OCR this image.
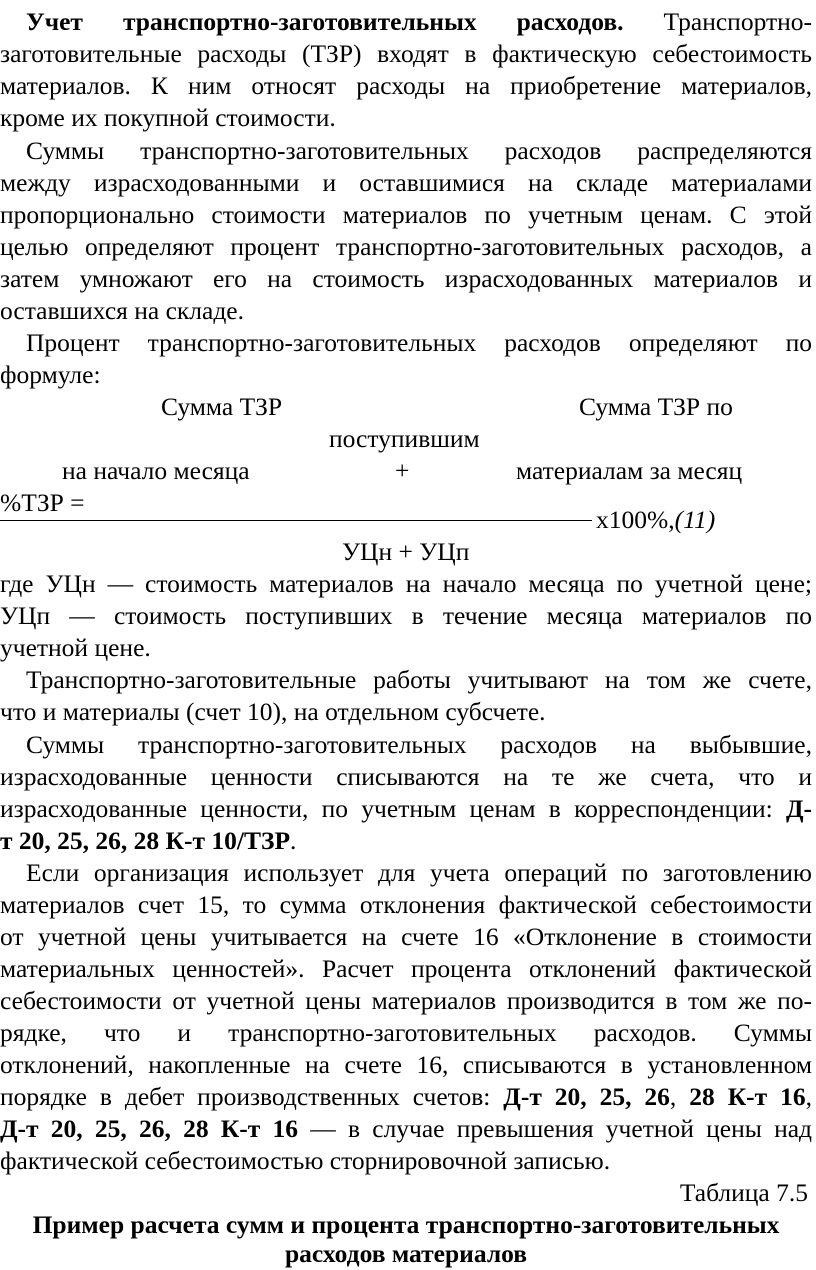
Учет транспортно-заготовительных расходов. Транспортно-
заготовительные расходы (ТЗР) входят в фактическую себестоимость
материалов. К ним относят расходы на приобретение материалов,
кроме их покупной стоимости.
Суммы транспортно-заготовительных расходов распределяются
между израсходованными и оставшимися на складе материалами
пропорционально стоимости материалов по учетным ценам. С этой
целью определяют процент транспортно-заготовительных расходов, а
затем умножают его на стоимость израсходованных материалов и
оставшихся на складе.
Процент транспортно-заготовительных расходов определяют по
формуле:
Сумма ТЗР	Сумма ТЗР по
поступившим
на начало месяца	+	материалам за месяц
%ТЗР =
х100%,(11)
УЦн + УЦп
где УЦн — стоимость материалов на начало месяца по учетной цене;
УЦп — стоимость поступивших в течение месяца материалов по
учетной цене.
Транспортно-заготовительные работы учитывают на том же счете,
что и материалы (счет 10), на отдельном субсчете.
Суммы транспортно-заготовительных расходов на выбывшие,
израсходованные ценности списываются на те же счета, что и
израсходованные ценности, по учетным ценам в корреспонденции: Д-
т 20, 25, 26, 28 К-т 10/ТЗР.
Если организация использует для учета операций по заготовлению
материалов счет 15, то сумма отклонения фактической себестоимости
от учетной цены учитывается на счете 16 «Отклонение в стоимости
материальных ценностей». Расчет процента отклонений фактической
себестоимости от учетной цены материалов производится в том же по-
рядке, что и транспортно-заготовительных расходов. Суммы
отклонений, накопленные на счете 16, списываются в установленном
порядке в дебет производственных счетов: Д-т 20, 25, 26, 28 К-т 16,
Д-т 20, 25, 26, 28 К-т 16 — в случае превышения учетной цены над
фактической себестоимостью сторнировочной записью.
Таблица 7.5
Пример расчета сумм и процента транспортно-заготовительных
расходов материалов
